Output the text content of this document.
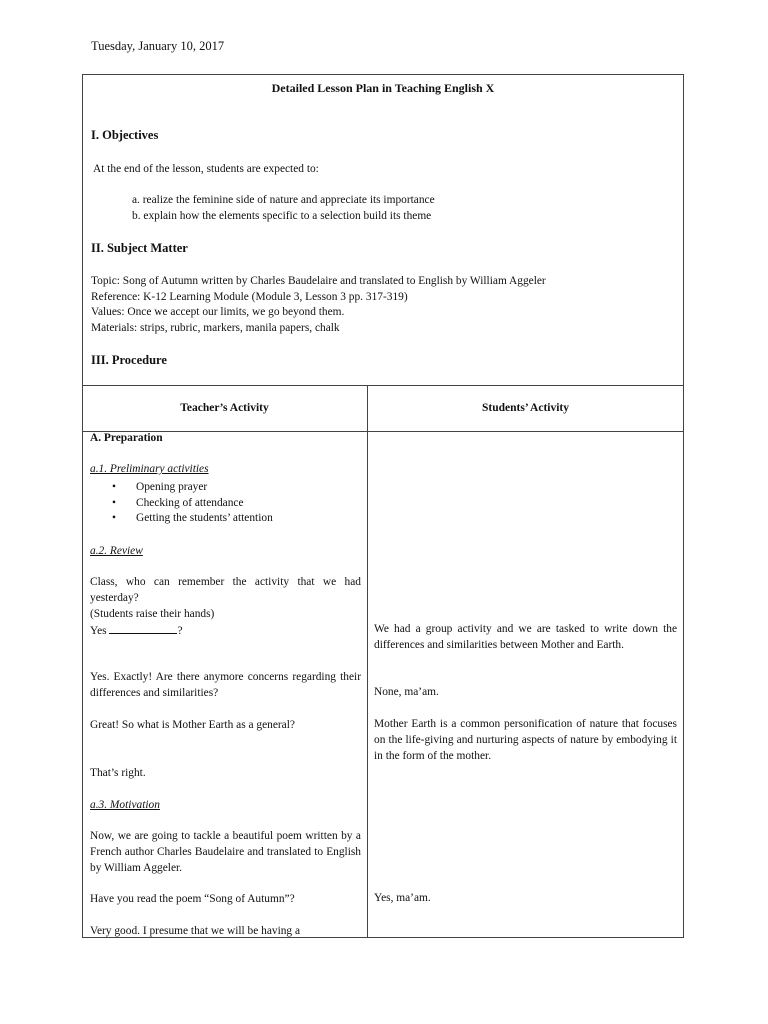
Tuesday, January 10, 2017
Detailed Lesson Plan in Teaching English X
I. Objectives
At the end of the lesson, students are expected to:
a. realize the feminine side of nature and appreciate its importance
b. explain how the elements specific to a selection build its theme
II. Subject Matter
Topic: Song of Autumn written by Charles Baudelaire and translated to English by William Aggeler
Reference: K-12 Learning Module (Module 3, Lesson 3 pp. 317-319)
Values: Once we accept our limits, we go beyond them.
Materials: strips, rubric, markers, manila papers, chalk
III. Procedure
Teacher’s Activity	Students’ Activity
A. Preparation
a.1. Preliminary activities
• Opening prayer
• Checking of attendance
• Getting the students’ attention
a.2. Review
Class, who can remember the activity that we had yesterday?
(Students raise their hands)
Yes	?
Yes. Exactly! Are there anymore concerns regarding their differences and similarities?
Great! So what is Mother Earth as a general?
That’s right.
a.3. Motivation
Now, we are going to tackle a beautiful poem written by a French author Charles Baudelaire and translated to English by William Aggeler.
Have you read the poem “Song of Autumn”?
Very good. I presume that we will be having a
We had a group activity and we are tasked to write down the differences and similarities between Mother and Earth.
None, ma’am.
Mother Earth is a common personification of nature that focuses on the life-giving and nurturing aspects of nature by embodying it in the form of the mother.
Yes, ma’am.
